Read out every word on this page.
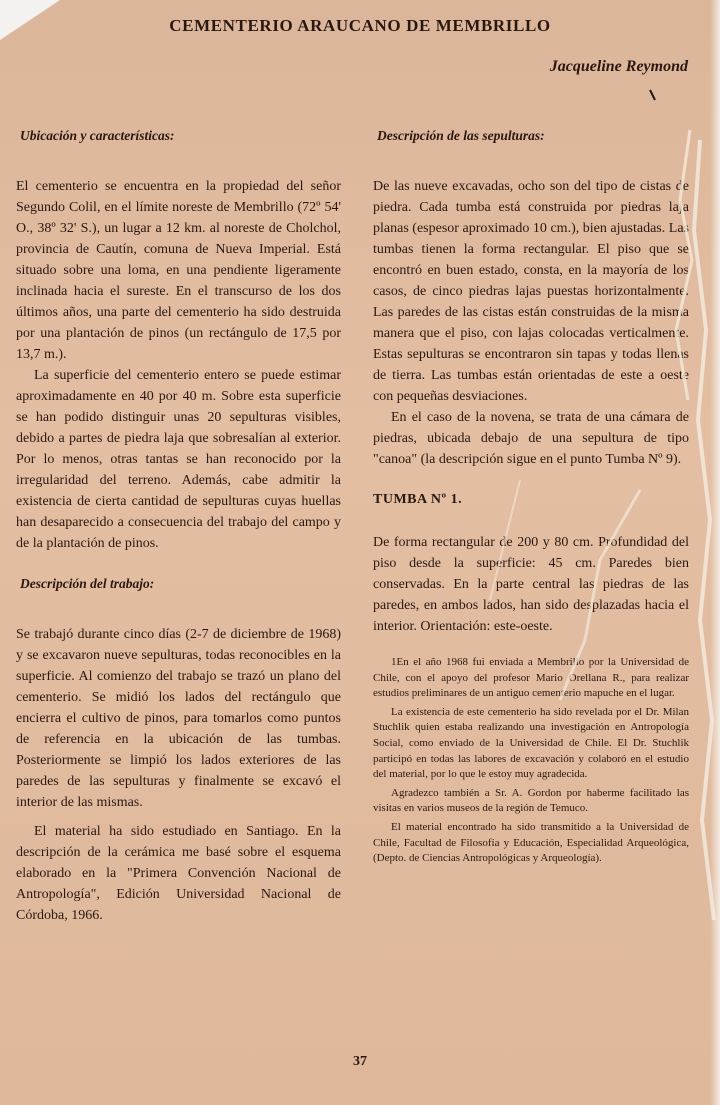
CEMENTERIO ARAUCANO DE MEMBRILLO
Jacqueline Reymond
Ubicación y características:

El cementerio se encuentra en la propiedad del señor Segundo Colil, en el límite noreste de Membrillo (72º 54' O., 38º 32' S.), un lugar a 12 km. al noreste de Cholchol, provincia de Cautín, comuna de Nueva Imperial. Está situado sobre una loma, en una pendiente ligeramente inclinada hacia el sureste. En el transcurso de los dos últimos años, una parte del cementerio ha sido destruida por una plantación de pinos (un rectángulo de 17,5 por 13,7 m.).

La superficie del cementerio entero se puede estimar aproximadamente en 40 por 40 m. Sobre esta superficie se han podido distinguir unas 20 sepulturas visibles, debido a partes de piedra laja que sobresalían al exterior. Por lo menos, otras tantas se han reconocido por la irregularidad del terreno. Además, cabe admitir la existencia de cierta cantidad de sepulturas cuyas huellas han desaparecido a consecuencia del trabajo del campo y de la plantación de pinos.

Descripción del trabajo:

Se trabajó durante cinco días (2-7 de diciembre de 1968) y se excavaron nueve sepulturas, todas reconocibles en la superficie. Al comienzo del trabajo se trazó un plano del cementerio. Se midió los lados del rectángulo que encierra el cultivo de pinos, para tomarlos como puntos de referencia en la ubicación de las tumbas. Posteriormente se limpió los lados exteriores de las paredes de las sepulturas y finalmente se excavó el interior de las mismas.

El material ha sido estudiado en Santiago. En la descripción de la cerámica me basé sobre el esquema elaborado en la "Primera Convención Nacional de Antropología", Edición Universidad Nacional de Córdoba, 1966.

Descripción de las sepulturas:

De las nueve excavadas, ocho son del tipo de cistas de piedra. Cada tumba está construida por piedras laja planas (espesor aproximado 10 cm.), bien ajustadas. Las tumbas tienen la forma rectangular. El piso que se encontró en buen estado, consta, en la mayoría de los casos, de cinco piedras lajas puestas horizontalmente. Las paredes de las cistas están construidas de la misma manera que el piso, con lajas colocadas verticalmente. Estas sepulturas se encontraron sin tapas y todas llenas de tierra. Las tumbas están orientadas de este a oeste con pequeñas desviaciones.

En el caso de la novena, se trata de una cámara de piedras, ubicada debajo de una sepultura de tipo "canoa" (la descripción sigue en el punto Tumba Nº 9).

TUMBA Nº 1.

De forma rectangular de 200 y 80 cm. Profundidad del piso desde la superficie: 45 cm. Paredes bien conservadas. En la parte central las piedras de las paredes, en ambos lados, han sido desplazadas hacia el interior. Orientación: este-oeste.

1En el año 1968 fui enviada a Membrillo por la Universidad de Chile, con el apoyo del profesor Mario Orellana R., para realizar estudios preliminares de un antiguo cementerio mapuche en el lugar.

La existencia de este cementerio ha sido revelada por el Dr. Milan Stuchlik quien estaba realizando una investigación en Antropología Social, como enviado de la Universidad de Chile. El Dr. Stuchlik participó en todas las labores de excavación y colaboró en el estudio del material, por lo que le estoy muy agradecida.

Agradezco también a Sr. A. Gordon por haberme facilitado las visitas en varios museos de la región de Temuco.

El material encontrado ha sido transmitido a la Universidad de Chile, Facultad de Filosofía y Educación, Especialidad Arqueológica, (Depto. de Ciencias Antropológicas y Arqueología).

37
